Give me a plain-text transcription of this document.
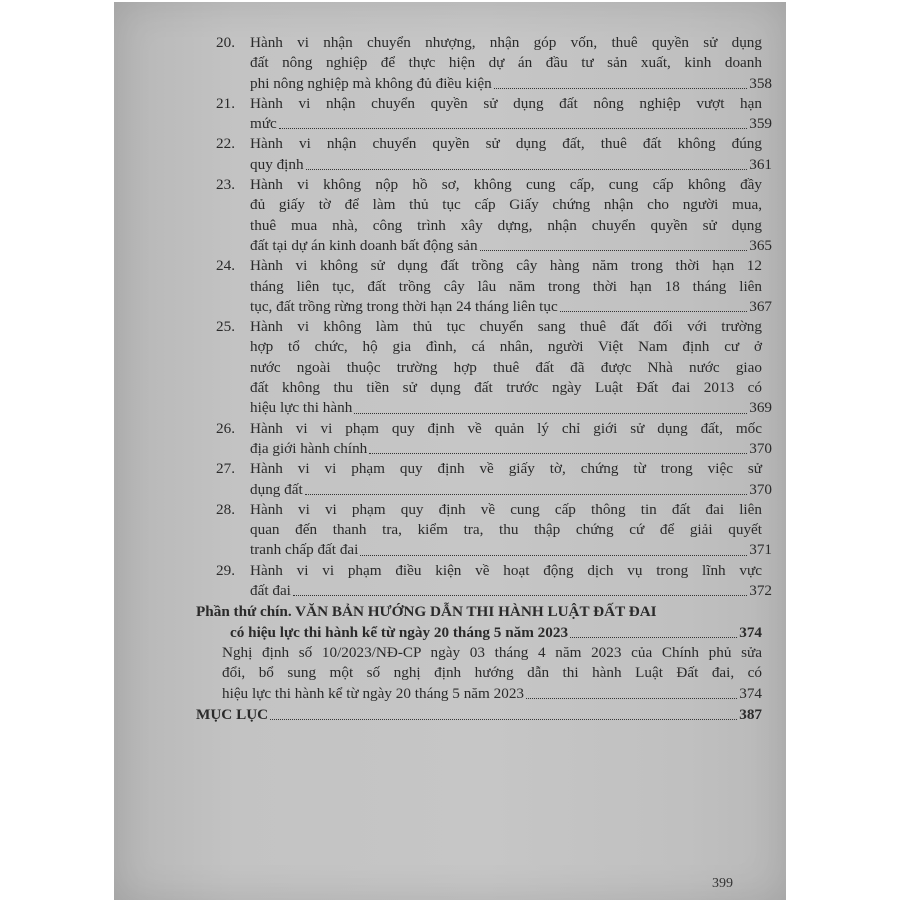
20. Hành vi nhận chuyển nhượng, nhận góp vốn, thuê quyền sử dụng
đất nông nghiệp để thực hiện dự án đầu tư sản xuất, kinh doanh
phi nông nghiệp mà không đủ điều kiện	358
21. Hành vi nhận chuyển quyền sử dụng đất nông nghiệp vượt hạn
mức	359
22. Hành vi nhận chuyển quyền sử dụng đất, thuê đất không đúng
quy định	361
23. Hành vi không nộp hồ sơ, không cung cấp, cung cấp không đầy
đủ giấy tờ để làm thủ tục cấp Giấy chứng nhận cho người mua,
thuê mua nhà, công trình xây dựng, nhận chuyển quyền sử dụng
đất tại dự án kinh doanh bất động sản	365
24. Hành vi không sử dụng đất trồng cây hàng năm trong thời hạn 12
tháng liên tục, đất trồng cây lâu năm trong thời hạn 18 tháng liên
tục, đất trồng rừng trong thời hạn 24 tháng liên tục	367
25. Hành vi không làm thủ tục chuyển sang thuê đất đối với trường
hợp tổ chức, hộ gia đình, cá nhân, người Việt Nam định cư ở
nước ngoài thuộc trường hợp thuê đất đã được Nhà nước giao
đất không thu tiền sử dụng đất trước ngày Luật Đất đai 2013 có
hiệu lực thi hành	369
26. Hành vi vi phạm quy định về quản lý chỉ giới sử dụng đất, mốc
địa giới hành chính	370
27. Hành vi vi phạm quy định về giấy tờ, chứng từ trong việc sử
dụng đất	370
28. Hành vi vi phạm quy định về cung cấp thông tin đất đai liên
quan đến thanh tra, kiểm tra, thu thập chứng cứ để giải quyết
tranh chấp đất đai	371
29. Hành vi vi phạm điều kiện về hoạt động dịch vụ trong lĩnh vực
đất đai	372
Phần thứ chín. VĂN BẢN HƯỚNG DẪN THI HÀNH LUẬT ĐẤT ĐAI
có hiệu lực thi hành kể từ ngày 20 tháng 5 năm 2023	374
Nghị định số 10/2023/NĐ-CP ngày 03 tháng 4 năm 2023 của Chính phủ sửa
đổi, bổ sung một số nghị định hướng dẫn thi hành Luật Đất đai, có
hiệu lực thi hành kể từ ngày 20 tháng 5 năm 2023	374
MỤC LỤC	387
399
